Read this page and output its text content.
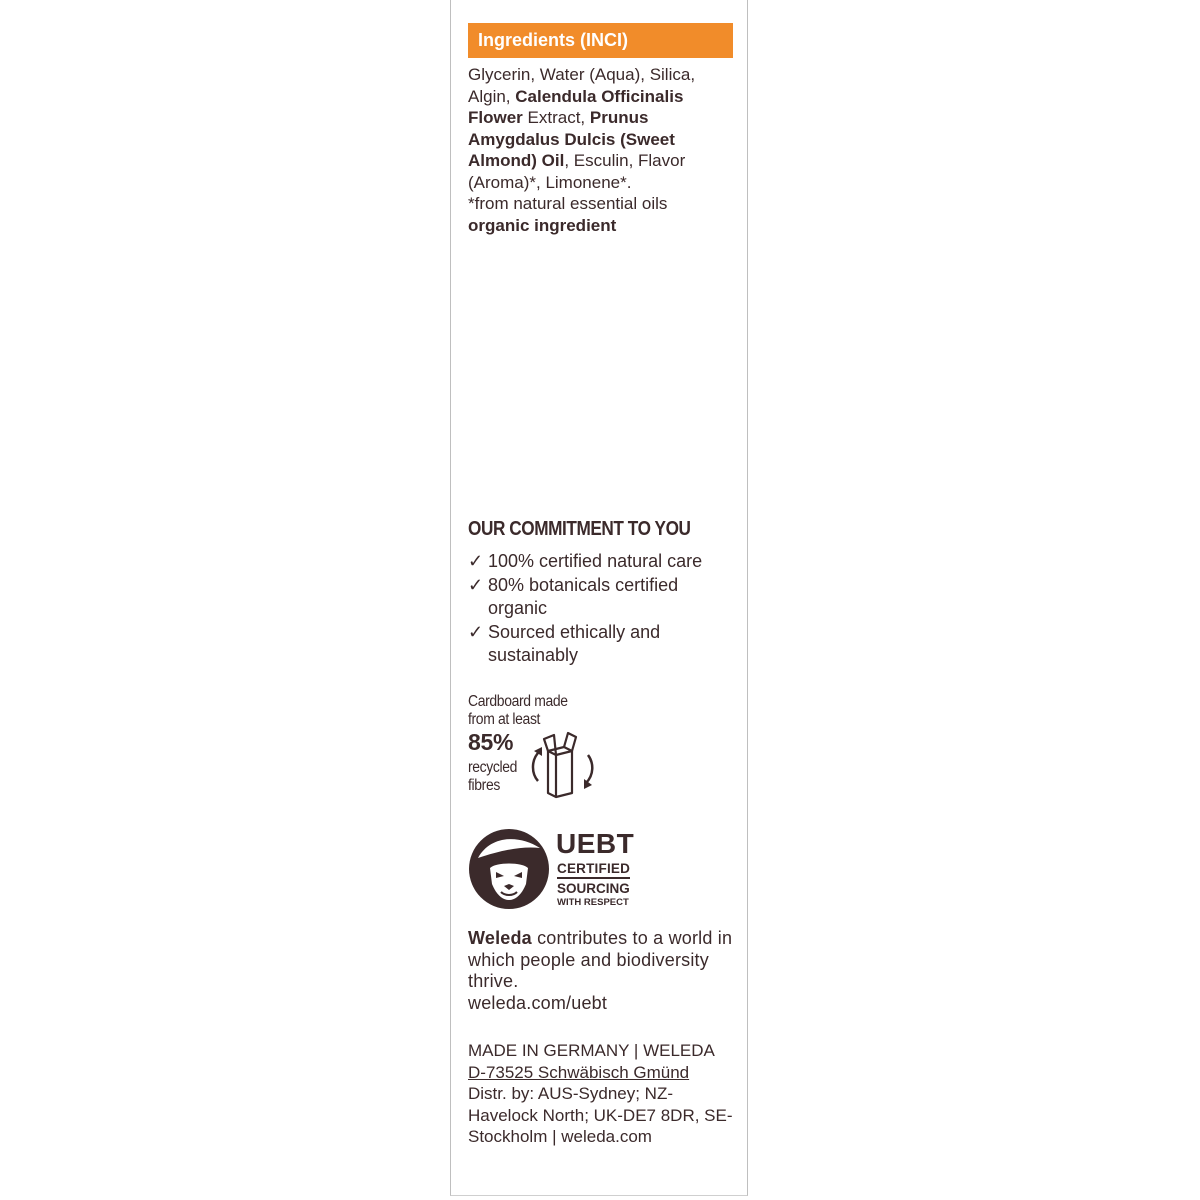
Ingredients (INCI)
Glycerin, Water (Aqua), Silica, Algin, Calendula Officinalis Flower Extract, Prunus Amygdalus Dulcis (Sweet Almond) Oil, Esculin, Flavor (Aroma)*, Limonene*.
*from natural essential oils
organic ingredient
OUR COMMITMENT TO YOU
✓ 100% certified natural care
✓ 80% botanicals certified organic
✓ Sourced ethically and sustainably
Cardboard made
from at least
85%
recycled
fibres
UEBT
CERTIFIED
SOURCING
WITH RESPECT
Weleda contributes to a world in which people and biodiversity thrive.
weleda.com/uebt
MADE IN GERMANY | WELEDA
D-73525 Schwäbisch Gmünd
Distr. by: AUS-Sydney; NZ-Havelock North; UK-DE7 8DR, SE-Stockholm | weleda.com
